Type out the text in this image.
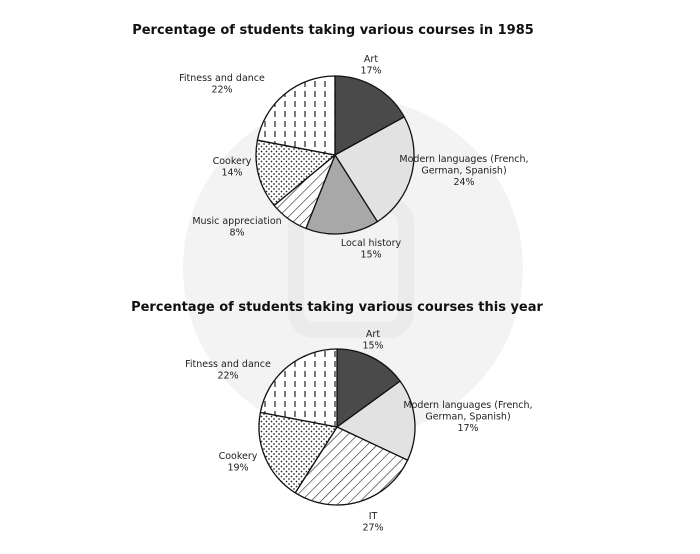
Percentage of students taking various courses in 1985
Art 17%
Modern languages (French, German, Spanish) 24%
Local history 15%
Music appreciation 8%
Cookery 14%
Fitness and dance 22%
Percentage of students taking various courses this year
Art 15%
Modern languages (French, German, Spanish) 17%
IT 27%
Cookery 19%
Fitness and dance 22%
